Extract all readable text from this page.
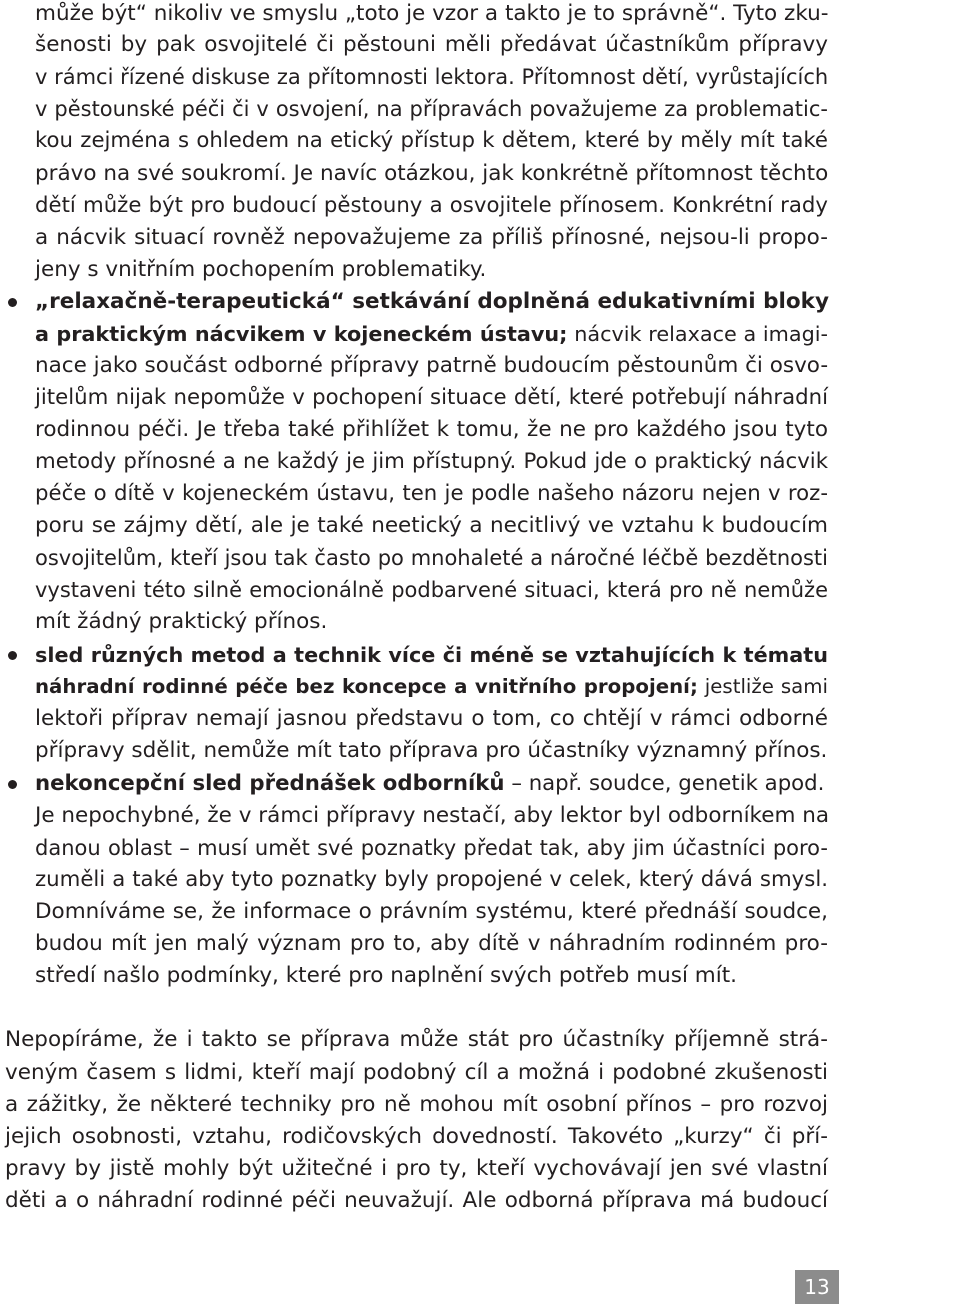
může být“ nikoliv ve smyslu „toto je vzor a takto je to správně“. Tyto zku-
šenosti by pak osvojitelé či pěstouni měli předávat účastníkům přípravy
v rámci řízené diskuse za přítomnosti lektora. Přítomnost dětí, vyrůstajících
v pěstounské péči či v osvojení, na přípravách považujeme za problematic-
kou zejména s ohledem na etický přístup k dětem, které by měly mít také
právo na své soukromí. Je navíc otázkou, jak konkrétně přítomnost těchto
dětí může být pro budoucí pěstouny a osvojitele přínosem. Konkrétní rady
a nácvik situací rovněž nepovažujeme za příliš přínosné, nejsou-li propo-
jeny s vnitřním pochopením problematiky.
„relaxačně-terapeutická“ setkávání doplněná edukativními bloky
a praktickým nácvikem v kojeneckém ústavu; nácvik relaxace a imagi-
nace jako součást odborné přípravy patrně budoucím pěstounům či osvo-
jitelům nijak nepomůže v pochopení situace dětí, které potřebují náhradní
rodinnou péči. Je třeba také přihlížet k tomu, že ne pro každého jsou tyto
metody přínosné a ne každý je jim přístupný. Pokud jde o praktický nácvik
péče o dítě v kojeneckém ústavu, ten je podle našeho názoru nejen v roz-
poru se zájmy dětí, ale je také neetický a necitlivý ve vztahu k budoucím
osvojitelům, kteří jsou tak často po mnohaleté a náročné léčbě bezdětnosti
vystaveni této silně emocionálně podbarvené situaci, která pro ně nemůže
mít žádný praktický přínos.
sled různých metod a technik více či méně se vztahujících k tématu
náhradní rodinné péče bez koncepce a vnitřního propojení; jestliže sami
lektoři příprav nemají jasnou představu o tom, co chtějí v rámci odborné
přípravy sdělit, nemůže mít tato příprava pro účastníky významný přínos.
nekoncepční sled přednášek odborníků – např. soudce, genetik apod.
Je nepochybné, že v rámci přípravy nestačí, aby lektor byl odborníkem na
danou oblast – musí umět své poznatky předat tak, aby jim účastníci poro-
zuměli a také aby tyto poznatky byly propojené v celek, který dává smysl.
Domníváme se, že informace o právním systému, které přednáší soudce,
budou mít jen malý význam pro to, aby dítě v náhradním rodinném pro-
středí našlo podmínky, které pro naplnění svých potřeb musí mít.
Nepopíráme, že i takto se příprava může stát pro účastníky příjemně strá-
veným časem s lidmi, kteří mají podobný cíl a možná i podobné zkušenosti
a zážitky, že některé techniky pro ně mohou mít osobní přínos – pro rozvoj
jejich osobnosti, vztahu, rodičovských dovedností. Takovéto „kurzy“ či pří-
pravy by jistě mohly být užitečné i pro ty, kteří vychovávají jen své vlastní
děti a o náhradní rodinné péči neuvažují. Ale odborná příprava má budoucí
13
